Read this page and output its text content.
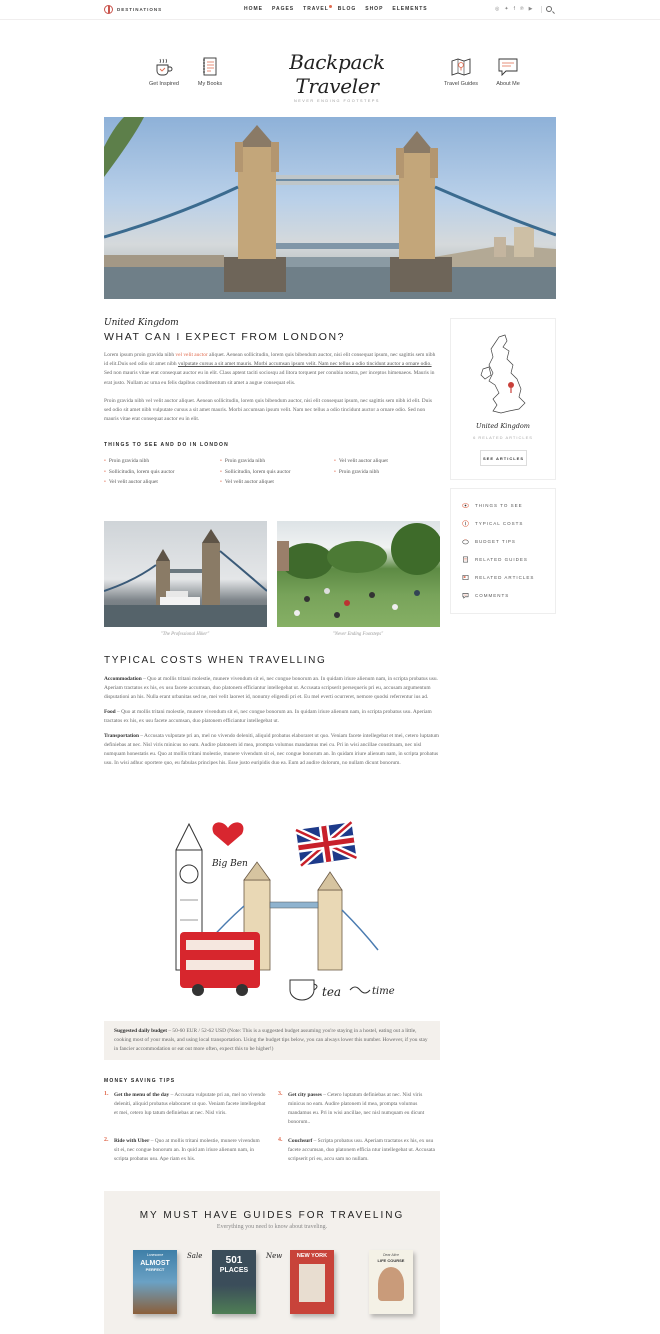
DESTINATIONS	HOME PAGES TRAVEL BLOG SHOP ELEMENTS	◎ ✦ f ℗ ▶
Get Inspired	My Books
Backpack Traveler
NEVER ENDING FOOTSTEPS
Travel Guides	About Me
United Kingdom
WHAT CAN I EXPECT FROM LONDON?

Lorem ipsum proin gravida nibh vel velit auctor aliquet. Aenean sollicitudin, lorem quis bibendum auctor, nisi elit consequat ipsum, nec sagittis sem nibh id elit.Duis sed odio sit amet nibh vulputate cursus a sit amet mauris. Morbi accumsan ipsum velit. Nam nec tellus a odio tincidunt auctor a ornare odio. Sed non mauris vitae erat consequat auctor eu in elit. Class aptent taciti sociosqu ad litora torquent per conubia nostra, per inceptos himenaeos. Mauris in erat justo. Nullam ac urna eu felis dapibus condimentum sit amet a augue consequat elis.

Proin gravida nibh vel velit auctor aliquet. Aenean sollicitudin, lorem quis bibendum auctor, nisi elit consequat ipsum, nec sagittis sem nibh id elit. Duis sed odio sit amet nibh vulputate cursus a sit amet mauris. Morbi accumsan ipsum velit. Nam nec tellus a odio tincidunt auctor a ornare odio. Sed non mauris vitae erat consequat auctor eu in elit.

THINGS TO SEE AND DO IN LONDON
• Proin gravida nibh	• Proin gravida nibh	• Vel velit auctor aliquet
• Sollicitudin, lorem quis auctor	• Sollicitudin, lorem quis auctor	• Proin gravida nibh
• Vel velit auctor aliquet	• Vel velit auctor aliquet
"The Professional Hiker"	"Never Ending Footsteps"
TYPICAL COSTS WHEN TRAVELLING

Accommodation – Quo at mollis tritani molestie, munere vivendum sit ei, nec congue bonorum an. In quidam iriure alienum nam, in scripta probatus usu. Aperiam tractatos ex his, ex usu facete accumsan, duo platonem efficiantur intellegebat ut. Accusata scripserit persequeris pri eu, accusam argumentum disputationi an his. Nulla erant urbanitas sed ne, mei velit laoreet id, nonumy eligendi pri et. Eu mel everti ocurreret, nemore quodsi referrentur ius ad.

Food – Quo at mollis tritani molestie, munere vivendum sit ei, nec congue bonorum an. In quidam iriure alienum nam, in scripta probatus usu. Aperiam tractatos ex his, ex usu facete accumsan, duo platonem efficiantur intellegebat ut.

Transportation – Accusata vulputate pri an, mel no vivendo deleniti, aliquid probatus elaboraret ut quo. Veniam facete intellegebat et mei, cetero luptatum definiebas at nec. Nisl viris minicus no eam. Audire platonem id mea, prompta volumus mandamus mei cu. Pri in wisi ancillae constituam, nec nisl numquam honestatis eu. Quo at mollis tritani molestie, munere vivendum sit ei, nec congue bonorum an. In quidam iriure alienum nam, in scripta probatus usu. In wisi adhuc oportere quo, eu fabulas principes his. Esse justo euripidis duo ea. Eum ad audire dolorum, no nullam dicunt bonorum.

Big Ben
tea	time

Suggested daily budget – 50-60 EUR / 52-62 USD (Note: This is a suggested budget assuming you're staying in a hostel, eating out a little, cooking most of your meals, and using local transportation. Using the budget tips below, you can always lower this number. However, if you stay in fancier accommodation or eat out more often, expect this to be higher!)

MONEY SAVING TIPS
1. Get the menu of the day – Accusata vulputate pri an, mel no vivendo deleniti, aliquid probatus elaboraret ut quo. Veniam facete intellegebat et mei, cetero lup tatum definiebas at nec. Nisl viris.

3. Get city passes – Cetero luptatum definiebas at nec. Nisl viris minicus no eam. Audire platonem id mea, prompta volumus mandamus eu. Pri in wisi ancillae, nec nisl numquam eu dicunt bonorum..

2. Ride with Uber – Quo at mollis tritani molestie, munere vivendum sit ei, nec congue bonorum an. In quid am iriure alienum nam, in scripta probatus usu. Ape riam ex his.

4. Couchsurf – Scripta probatus usu. Aperiam tractatos ex his, ex usu facete accumsan, duo platonem efficia ntur intellegebat ut. Accusata scripserit pri eu, accu sam no nullam.

MY MUST HAVE GUIDES FOR TRAVELING
Everything you need to know about traveling.
Lonesome
ALMOST
PERFECT
Sale	501
PLACES
New	NEW YORK	Dear Alice
LIFE COURSE
United Kingdom
6 RELATED ARTICLES
SEE ARTICLES
THINGS TO SEE
TYPICAL COSTS
BUDGET TIPS
RELATED GUIDES
RELATED ARTICLES
COMMENTS
